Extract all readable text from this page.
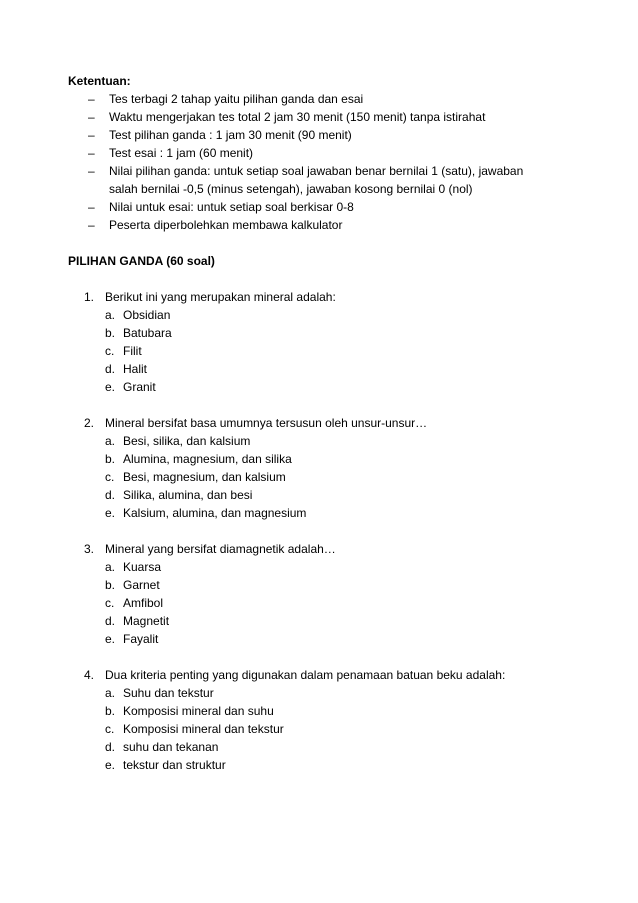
Ketentuan:
– Tes terbagi 2 tahap yaitu pilihan ganda dan esai
– Waktu mengerjakan tes total 2 jam 30 menit (150 menit) tanpa istirahat
– Test pilihan ganda : 1 jam 30 menit (90 menit)
– Test esai : 1 jam (60 menit)
– Nilai pilihan ganda: untuk setiap soal jawaban benar bernilai 1 (satu), jawaban salah bernilai -0,5 (minus setengah), jawaban kosong bernilai 0 (nol)
– Nilai untuk esai: untuk setiap soal berkisar 0-8
– Peserta diperbolehkan membawa kalkulator
PILIHAN GANDA (60 soal)
1. Berikut ini yang merupakan mineral adalah:
a. Obsidian
b. Batubara
c. Filit
d. Halit
e. Granit
2. Mineral bersifat basa umumnya tersusun oleh unsur-unsur…
a. Besi, silika, dan kalsium
b. Alumina, magnesium, dan silika
c. Besi, magnesium, dan kalsium
d. Silika, alumina, dan besi
e. Kalsium, alumina, dan magnesium
3. Mineral yang bersifat diamagnetik adalah…
a. Kuarsa
b. Garnet
c. Amfibol
d. Magnetit
e. Fayalit
4. Dua kriteria penting yang digunakan dalam penamaan batuan beku adalah:
a. Suhu dan tekstur
b. Komposisi mineral dan suhu
c. Komposisi mineral dan tekstur
d. suhu dan tekanan
e. tekstur dan struktur
